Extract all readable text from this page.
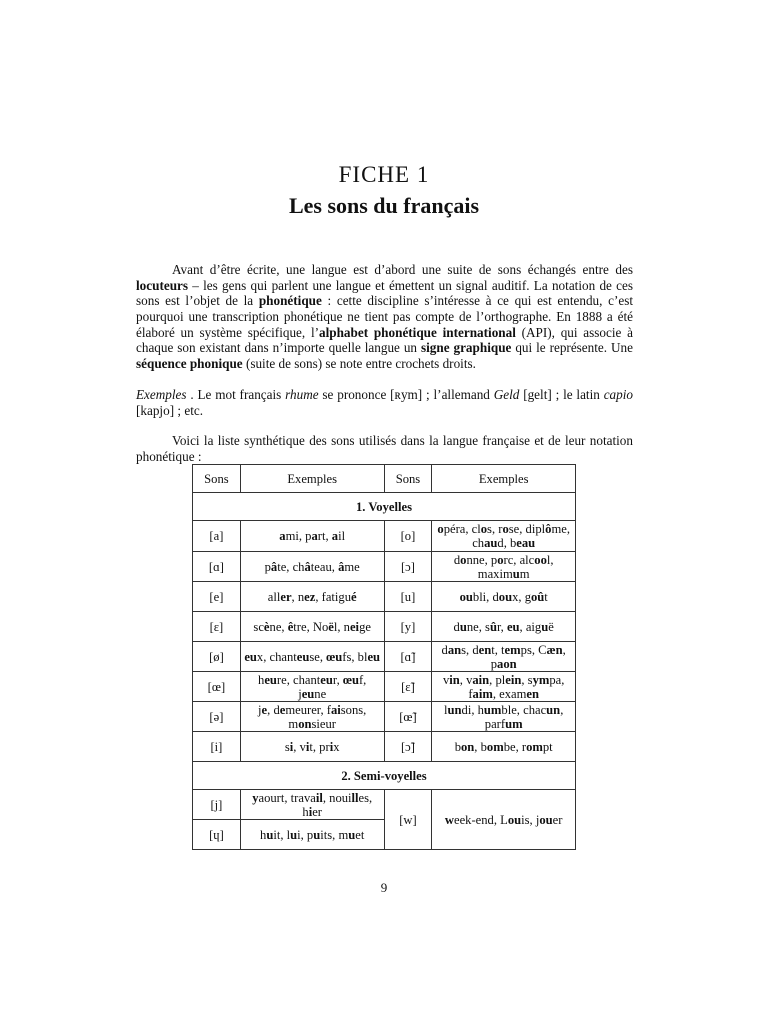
FICHE 1
Les sons du français

Avant d’être écrite, une langue est d’abord une suite de sons échangés entre des locuteurs – les gens qui parlent une langue et émettent un signal auditif. La notation de ces sons est l’objet de la phonétique : cette discipline s’intéresse à ce qui est entendu, c’est pourquoi une transcription phonétique ne tient pas compte de l’orthographe. En 1888 a été élaboré un système spécifique, l’alphabet phonétique international (API), qui associe à chaque son existant dans n’importe quelle langue un signe graphique qui le représente. Une séquence phonique (suite de sons) se note entre crochets droits.

Exemples . Le mot français rhume se prononce [ʀym] ; l’allemand Geld [gelt] ; le latin capio [kapjo] ; etc.

Voici la liste synthétique des sons utilisés dans la langue française et de leur notation phonétique :

Sons	Exemples	Sons	Exemples
1. Voyelles			
[a]	ami, part, ail	[o]	opéra, clos, rose, diplôme, chaud, beau
[ɑ]	pâte, château, âme	[ɔ]	donne, porc, alcool, maximum
[e]	aller, nez, fatigué	[u]	oubli, doux, goût
[ɛ]	scène, être, Noël, neige	[y]	dune, sûr, eu, aiguë
[ø]	eux, chanteuse, œufs, bleu	[ɑ̃]	dans, dent, temps, Cæn, paon
[œ]	heure, chanteur, œuf, jeune	[ɛ̃]	vin, vain, plein, sympa, faim, examen
[ə]	je, demeurer, faisons, monsieur	[œ̃]	lundi, humble, chacun, parfum
[i]	si, vit, prix	[ɔ̃]	bon, bombe, rompt
2. Semi-voyelles			
[j]	yaourt, travail, nouilles, hier	[w]	week-end, Louis, jouer
[ɥ]	huit, lui, puits, muet		
9
